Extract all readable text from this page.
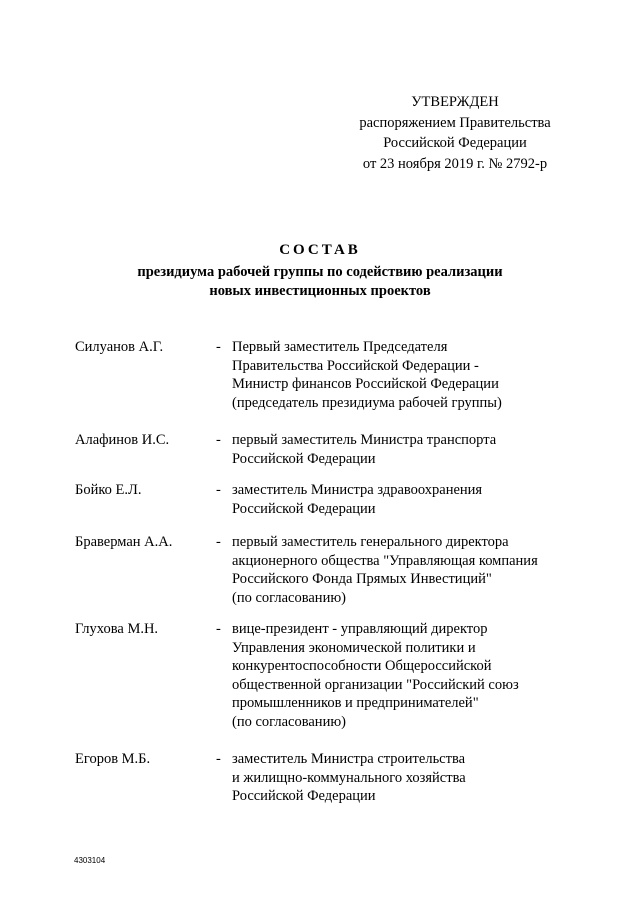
УТВЕРЖДЕН
распоряжением Правительства
Российской Федерации
от 23 ноября 2019 г. № 2792-р
СОСТАВ
президиума рабочей группы по содействию реализации
новых инвестиционных проектов
Силуанов А.Г.	- Первый заместитель Председателя
Правительства Российской Федерации -
Министр финансов Российской Федерации
(председатель президиума рабочей группы)
Алафинов И.С.	- первый заместитель Министра транспорта
Российской Федерации
Бойко Е.Л.	- заместитель Министра здравоохранения
Российской Федерации
Браверман А.А.	- первый заместитель генерального директора
акционерного общества "Управляющая компания
Российского Фонда Прямых Инвестиций"
(по согласованию)
Глухова М.Н.	- вице-президент - управляющий директор
Управления экономической политики и
конкурентоспособности Общероссийской
общественной организации "Российский союз
промышленников и предпринимателей"
(по согласованию)
Егоров М.Б.	- заместитель Министра строительства
и жилищно-коммунального хозяйства
Российской Федерации
4303104
